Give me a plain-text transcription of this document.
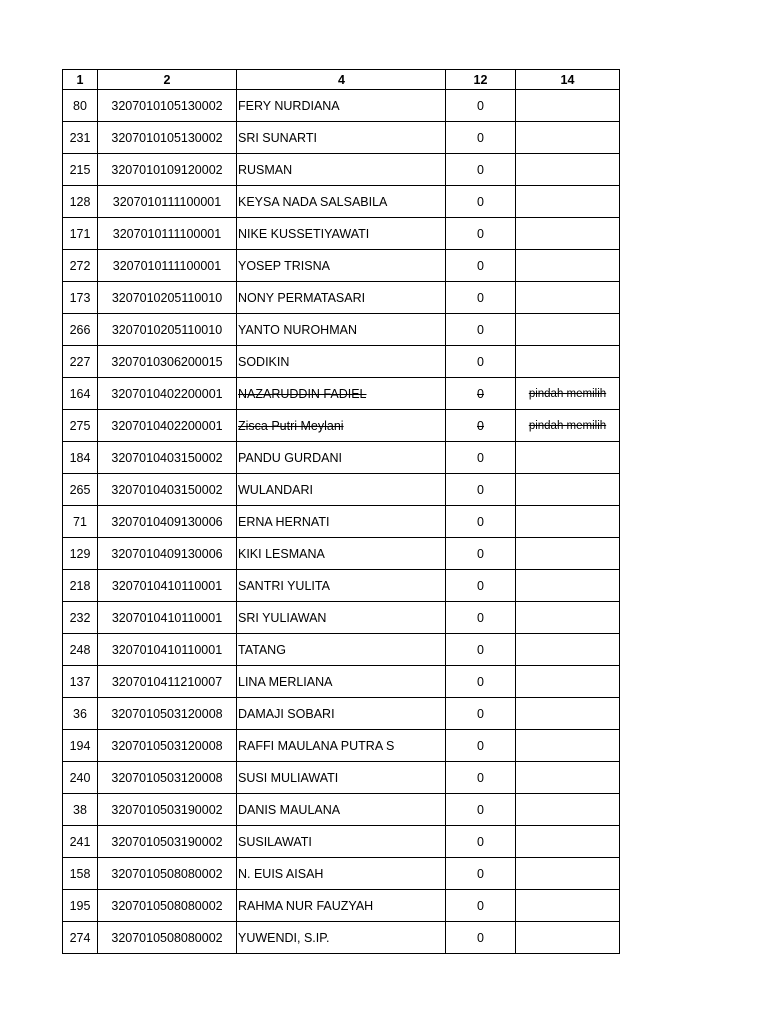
1	2	4	12	14
80	3207010105130002	FERY NURDIANA	0	
231	3207010105130002	SRI SUNARTI	0	
215	3207010109120002	RUSMAN	0	
128	3207010111100001	KEYSA NADA SALSABILA	0	
171	3207010111100001	NIKE KUSSETIYAWATI	0	
272	3207010111100001	YOSEP TRISNA	0	
173	3207010205110010	NONY PERMATASARI	0	
266	3207010205110010	YANTO NUROHMAN	0	
227	3207010306200015	SODIKIN	0	
164	3207010402200001	NAZARUDDIN FADIEL	0	pindah memilih
275	3207010402200001	Zisca Putri Meylani	0	pindah memilih
184	3207010403150002	PANDU GURDANI	0	
265	3207010403150002	WULANDARI	0	
71	3207010409130006	ERNA HERNATI	0	
129	3207010409130006	KIKI LESMANA	0	
218	3207010410110001	SANTRI YULITA	0	
232	3207010410110001	SRI YULIAWAN	0	
248	3207010410110001	TATANG	0	
137	3207010411210007	LINA MERLIANA	0	
36	3207010503120008	DAMAJI SOBARI	0	
194	3207010503120008	RAFFI MAULANA PUTRA S	0	
240	3207010503120008	SUSI MULIAWATI	0	
38	3207010503190002	DANIS MAULANA	0	
241	3207010503190002	SUSILAWATI	0	
158	3207010508080002	N. EUIS AISAH	0	
195	3207010508080002	RAHMA NUR FAUZYAH	0	
274	3207010508080002	YUWENDI, S.IP.	0	
